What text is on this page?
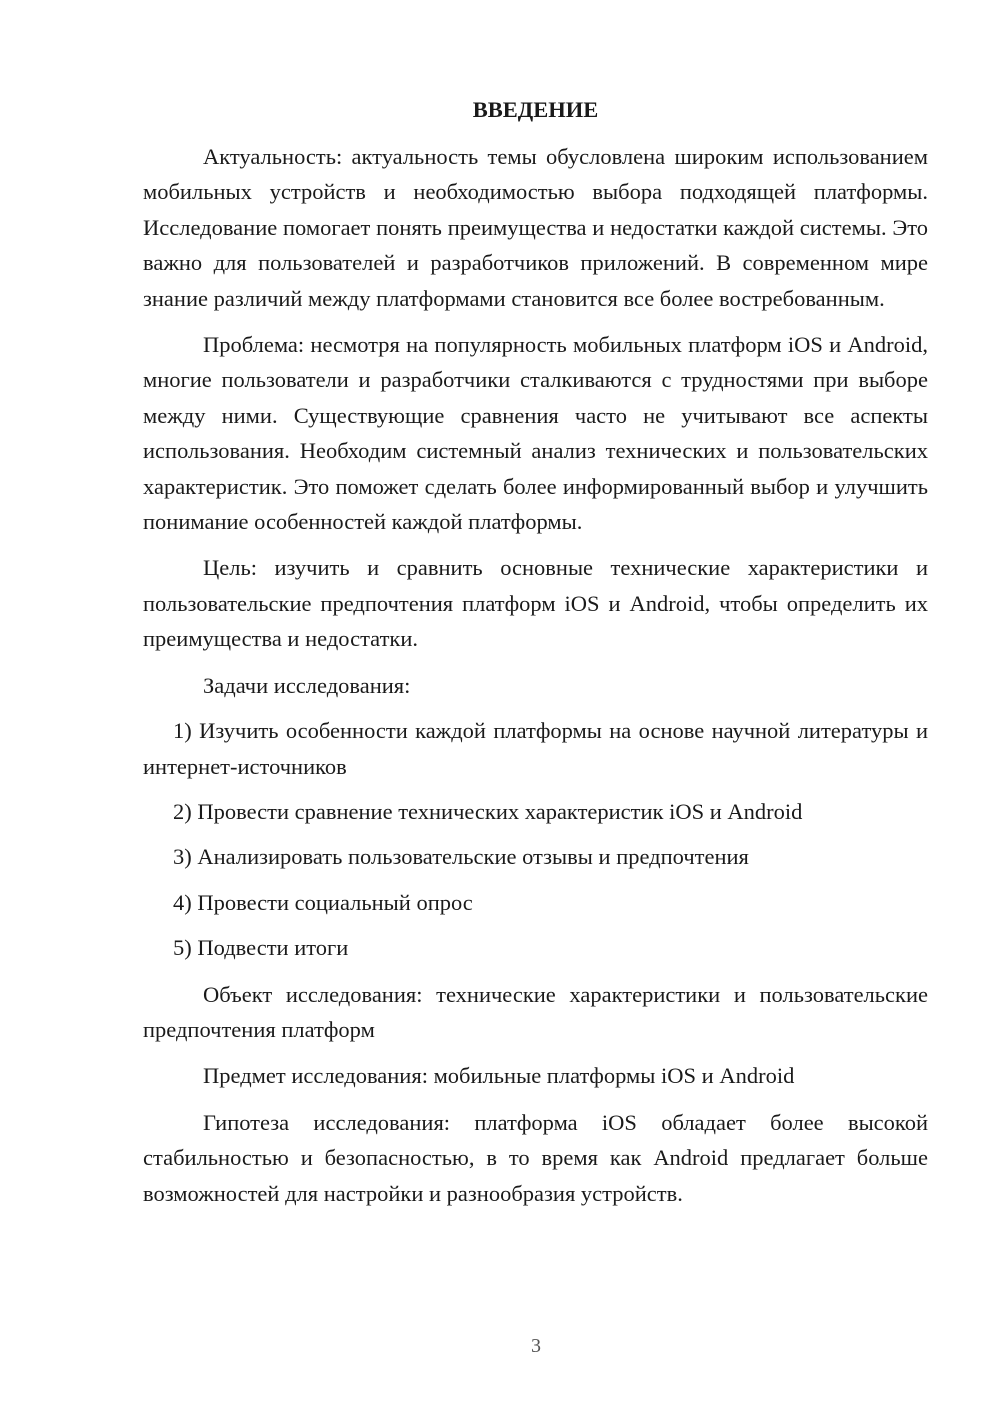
ВВЕДЕНИЕ

Актуальность: актуальность темы обусловлена широким использованием мобильных устройств и необходимостью выбора подходящей платформы. Исследование помогает понять преимущества и недостатки каждой системы. Это важно для пользователей и разработчиков приложений. В современном мире знание различий между платформами становится все более востребованным.

Проблема: несмотря на популярность мобильных платформ iOS и Android, многие пользователи и разработчики сталкиваются с трудностями при выборе между ними. Существующие сравнения часто не учитывают все аспекты использования. Необходим системный анализ технических и пользовательских характеристик. Это поможет сделать более информированный выбор и улучшить понимание особенностей каждой платформы.

Цель: изучить и сравнить основные технические характеристики и пользовательские предпочтения платформ iOS и Android, чтобы определить их преимущества и недостатки.

Задачи исследования:

1) Изучить особенности каждой платформы на основе научной литературы и интернет-источников

2) Провести сравнение технических характеристик iOS и Android

3) Анализировать пользовательские отзывы и предпочтения

4) Провести социальный опрос

5) Подвести итоги

Объект исследования: технические характеристики и пользовательские предпочтения платформ

Предмет исследования: мобильные платформы iOS и Android

Гипотеза исследования: платформа iOS обладает более высокой стабильностью и безопасностью, в то время как Android предлагает больше возможностей для настройки и разнообразия устройств.

3
